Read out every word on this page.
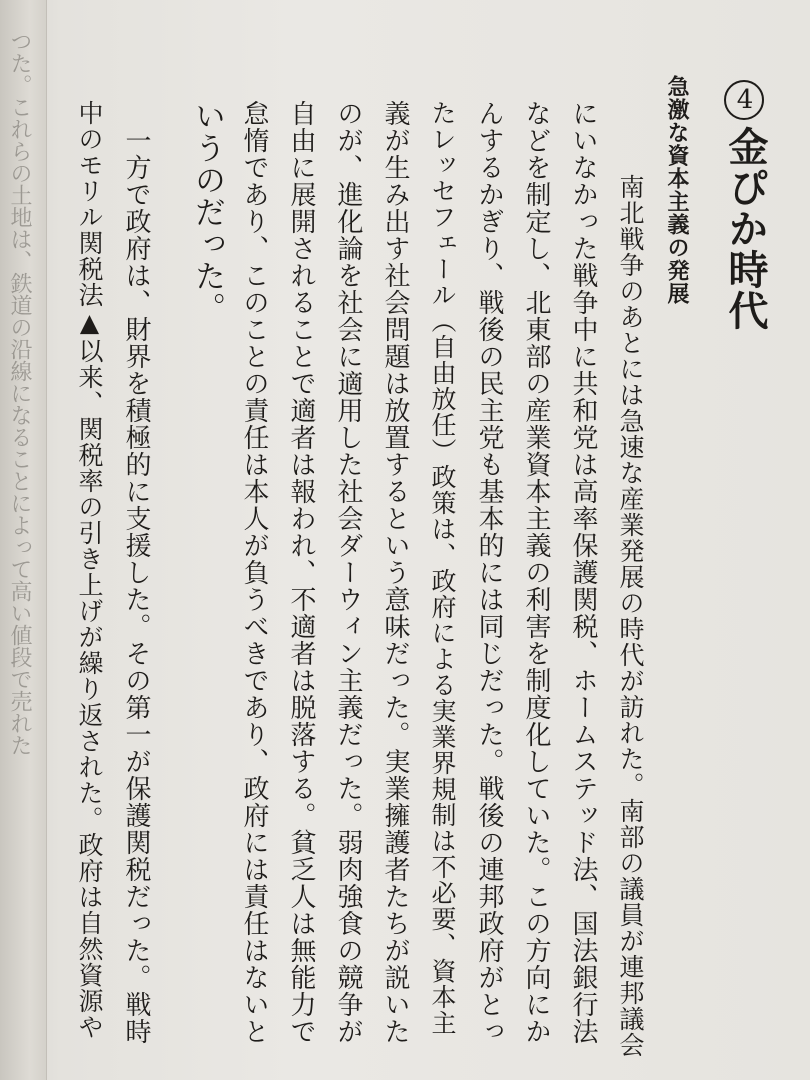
つた。これらの土地は、鉄道の沿線になることによって高い値段で売れた	4金ぴか時代
急激な資本主義の発展
　南北戦争のあとには急速な産業発展の時代が訪れた。南部の議員が連邦議会
にいなかった戦争中に共和党は高率保護関税、ホームステッド法、国法銀行法
などを制定し、北東部の産業資本主義の利害を制度化していた。この方向にか
んするかぎり、戦後の民主党も基本的には同じだった。戦後の連邦政府がとっ
たレッセフェール（自由放任）政策は、政府による実業界規制は不必要、資本主
義が生み出す社会問題は放置するという意味だった。実業擁護者たちが説いた
のが、進化論を社会に適用した社会ダーウィン主義だった。弱肉強食の競争が
自由に展開されることで適者は報われ、不適者は脱落する。貧乏人は無能力で
怠惰であり、このことの責任は本人が負うべきであり、政府には責任はないと
いうのだった。
　一方で政府は、財界を積極的に支援した。その第一が保護関税だった。戦時
中のモリル関税法▲以来、関税率の引き上げが繰り返された。政府は自然資源や
